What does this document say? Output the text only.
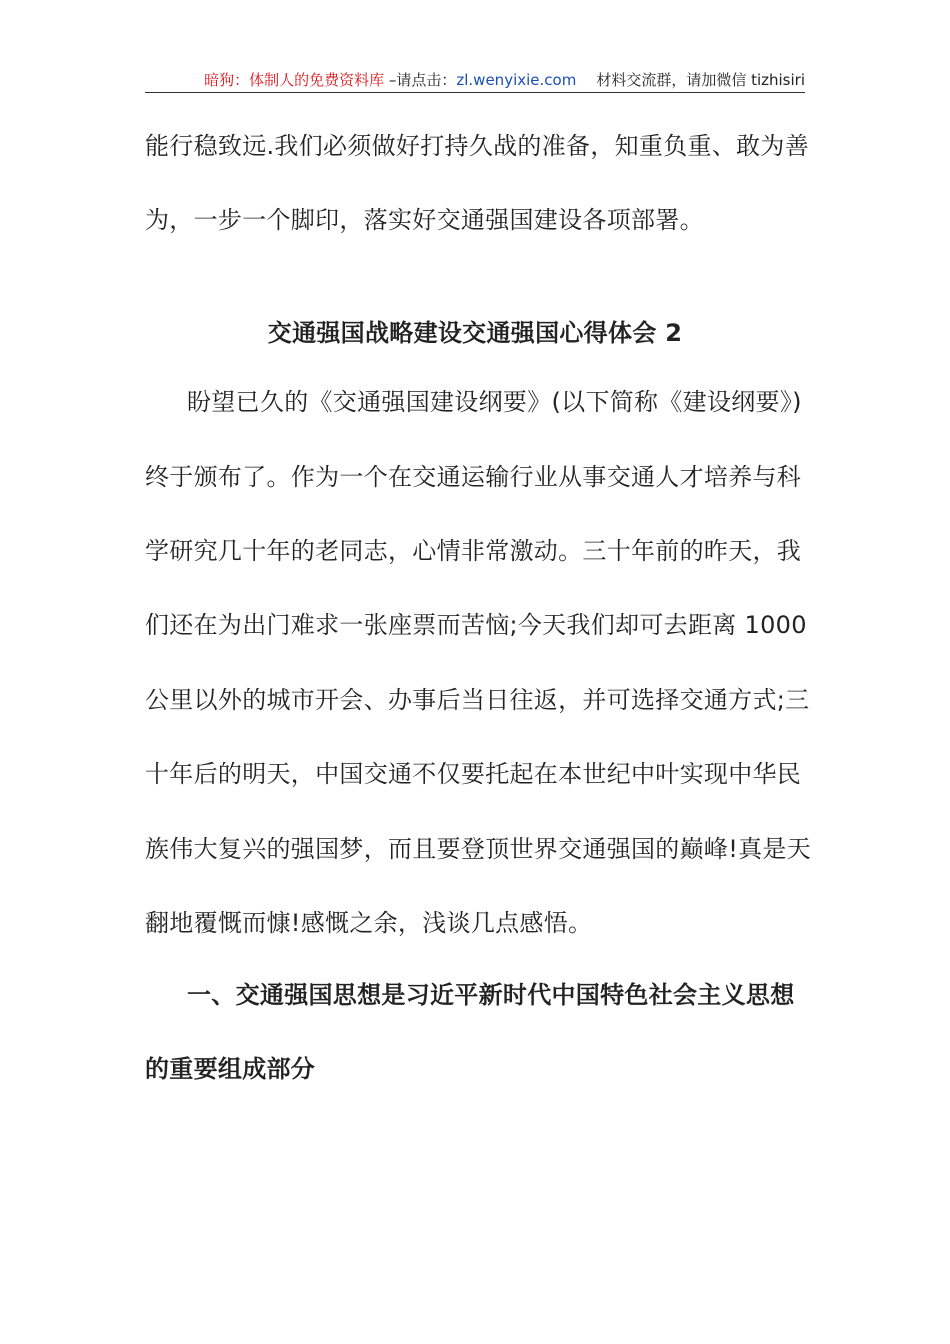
暗狗：体制人的免费资料库 –请点击：zl.wenyixie.com 材料交流群，请加微信 tizhisiri
能行稳致远.我们必须做好打持久战的准备，知重负重、敢为善
为，一步一个脚印，落实好交通强国建设各项部署。
交通强国战略建设交通强国心得体会 2
盼望已久的《交通强国建设纲要》(以下简称《建设纲要》)
终于颁布了。作为一个在交通运输行业从事交通人才培养与科
学研究几十年的老同志，心情非常激动。三十年前的昨天，我
们还在为出门难求一张座票而苦恼;今天我们却可去距离 1000
公里以外的城市开会、办事后当日往返，并可选择交通方式;三
十年后的明天，中国交通不仅要托起在本世纪中叶实现中华民
族伟大复兴的强国梦，而且要登顶世界交通强国的巅峰!真是天
翻地覆慨而慷!感慨之余，浅谈几点感悟。
一、交通强国思想是习近平新时代中国特色社会主义思想
的重要组成部分
